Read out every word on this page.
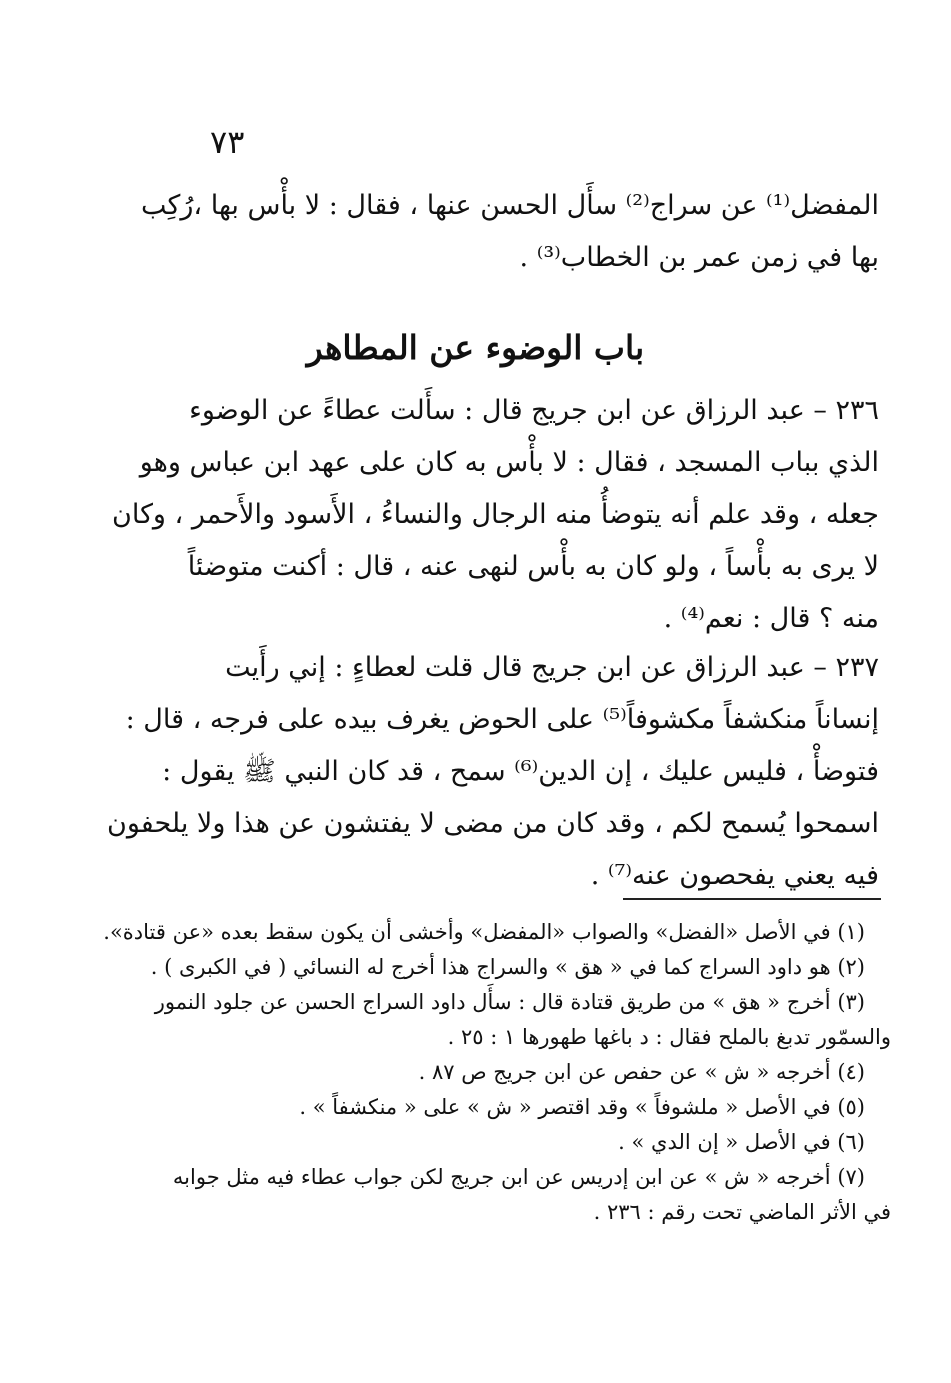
٧٣
المفضل⁽¹⁾ عن سراج⁽²⁾ سأَل الحسن عنها ، فقال : لا بأْس بها ،رُكِب
بها في زمن عمر بن الخطاب⁽³⁾ .
باب الوضوء عن المطاهر
٢٣٦ – عبد الرزاق عن ابن جريج قال : سأَلت عطاءً عن الوضوء
الذي بباب المسجد ، فقال : لا بأْس به كان على عهد ابن عباس وهو
جعله ، وقد علم أنه يتوضأُ منه الرجال والنساءُ ، الأَسود والأَحمر ، وكان
لا يرى به بأْساً ، ولو كان به بأْس لنهى عنه ، قال : أكنت متوضئاً
منه ؟ قال : نعم⁽⁴⁾ .
٢٣٧ – عبد الرزاق عن ابن جريج قال قلت لعطاءٍ : إني رأَيت
إنساناً منكشفاً مكشوفاً⁽⁵⁾ على الحوض يغرف بيده على فرجه ، قال :
فتوضأْ ، فليس عليك ، إن الدين⁽⁶⁾ سمح ، قد كان النبي ﷺ يقول :
اسمحوا يُسمح لكم ، وقد كان من مضى لا يفتشون عن هذا ولا يلحفون
فيه يعني يفحصون عنه⁽⁷⁾ .
(١) في الأصل «الفضل» والصواب «المفضل» وأخشى أن يكون سقط بعده «عن قتادة».
(٢) هو داود السراج كما في « هق » والسراج هذا أخرج له النسائي ( في الكبرى ) .
(٣) أخرج « هق » من طريق قتادة قال : سأَل داود السراج الحسن عن جلود النمور
والسمّور تدبغ بالملح فقال : د باغها طهورها ١ : ٢٥ .
(٤) أخرجه « ش » عن حفص عن ابن جريج ص ٨٧ .
(٥) في الأصل « ملشوفاً » وقد اقتصر « ش » على « منكشفاً » .
(٦) في الأصل « إن الدي » .
(٧) أخرجه « ش » عن ابن إدريس عن ابن جريج لكن جواب عطاء فيه مثل جوابه
في الأثر الماضي تحت رقم : ٢٣٦ .
